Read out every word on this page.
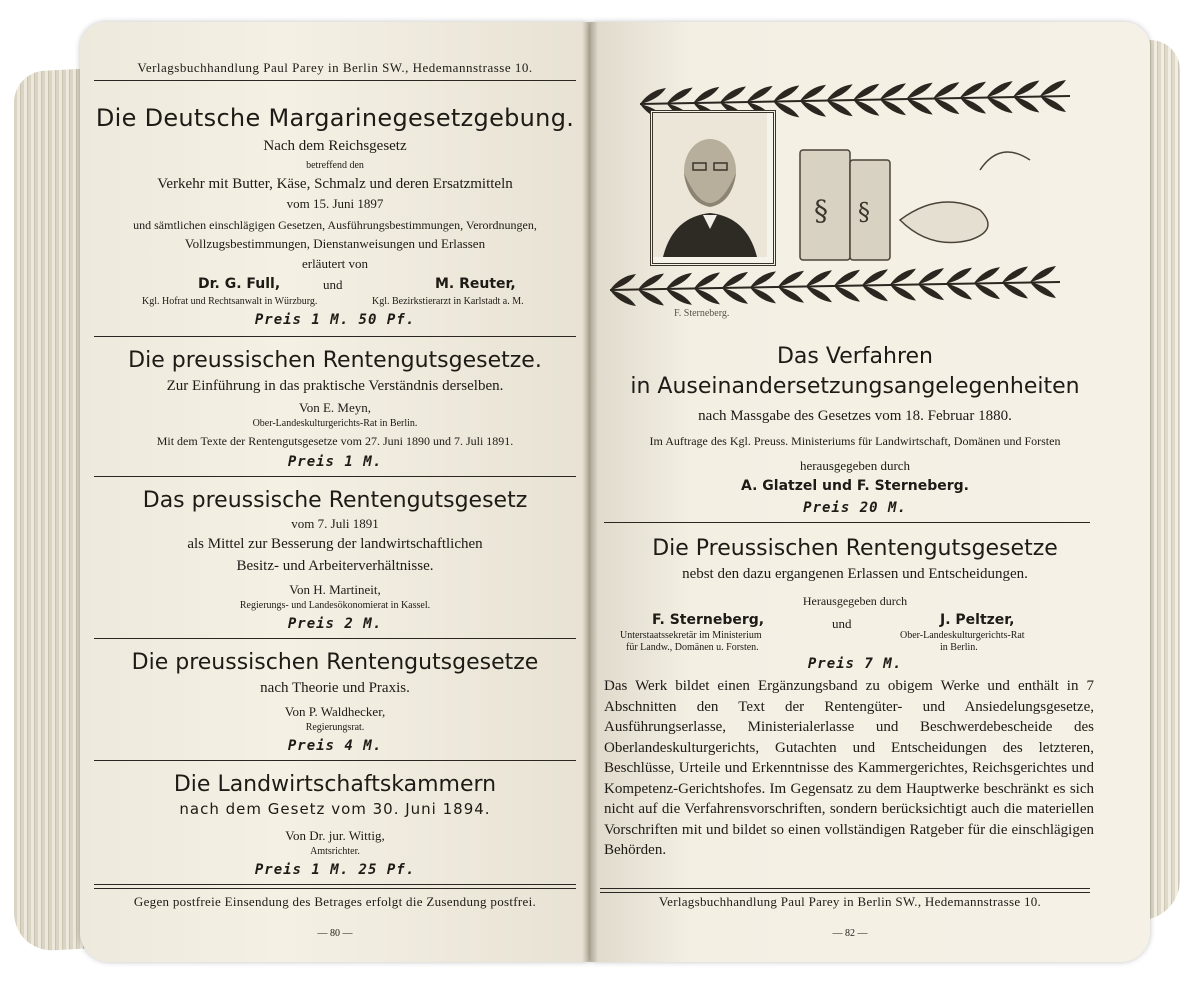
Verlagsbuchhandlung Paul Parey in Berlin SW., Hedemannstrasse 10.
Die Deutsche Margarinegesetzgebung.
Nach dem Reichsgesetz
betreffend den
Verkehr mit Butter, Käse, Schmalz und deren Ersatzmitteln
vom 15. Juni 1897
und sämtlichen einschlägigen Gesetzen, Ausführungsbestimmungen, Verordnungen,
Vollzugsbestimmungen, Dienstanweisungen und Erlassen
erläutert von
Dr. G. Full,	und	M. Reuter,
Kgl. Hofrat und Rechtsanwalt in Würzburg.	Kgl. Bezirkstierarzt in Karlstadt a. M.
Preis 1 M. 50 Pf.
Die preussischen Rentengutsgesetze.
Zur Einführung in das praktische Verständnis derselben.
Von E. Meyn,
Ober-Landeskulturgerichts-Rat in Berlin.
Mit dem Texte der Rentengutsgesetze vom 27. Juni 1890 und 7. Juli 1891.
Preis 1 M.
Das preussische Rentengutsgesetz
vom 7. Juli 1891
als Mittel zur Besserung der landwirtschaftlichen
Besitz- und Arbeiterverhältnisse.
Von H. Martineit,
Regierungs- und Landesökonomierat in Kassel.
Preis 2 M.
Die preussischen Rentengutsgesetze
nach Theorie und Praxis.
Von P. Waldhecker,
Regierungsrat.
Preis 4 M.
Die Landwirtschaftskammern
nach dem Gesetz vom 30. Juni 1894.
Von Dr. jur. Wittig,
Amtsrichter.
Preis 1 M. 25 Pf.
Gegen postfreie Einsendung des Betrages erfolgt die Zusendung postfrei.
— 80 —
§ §
F. Sterneberg.
Das Verfahren
in Auseinandersetzungsangelegenheiten
nach Massgabe des Gesetzes vom 18. Februar 1880.
Im Auftrage des Kgl. Preuss. Ministeriums für Landwirtschaft, Domänen und Forsten
herausgegeben durch
A. Glatzel und F. Sterneberg.
Preis 20 M.
Die Preussischen Rentengutsgesetze
nebst den dazu ergangenen Erlassen und Entscheidungen.
Herausgegeben durch
F. Sterneberg,	und	J. Peltzer,
Unterstaatssekretär im Ministerium
für Landw., Domänen u. Forsten.
Ober-Landeskulturgerichts-Rat
in Berlin.
Preis 7 M.
Das Werk bildet einen Ergänzungsband zu obigem Werke und enthält in 7 Abschnitten den Text der Rentengüter- und Ansiedelungsgesetze, Ausführungserlasse, Ministerialerlasse und Beschwerdebescheide des Oberlandeskulturgerichts, Gutachten und Entscheidungen des letzteren, Beschlüsse, Urteile und Erkenntnisse des Kammergerichtes, Reichsgerichtes und Kompetenz-Gerichtshofes. Im Gegensatz zu dem Hauptwerke beschränkt es sich nicht auf die Verfahrensvorschriften, sondern berücksichtigt auch die materiellen Vorschriften mit und bildet so einen vollständigen Ratgeber für die einschlägigen Behörden.
Verlagsbuchhandlung Paul Parey in Berlin SW., Hedemannstrasse 10.
— 82 —
